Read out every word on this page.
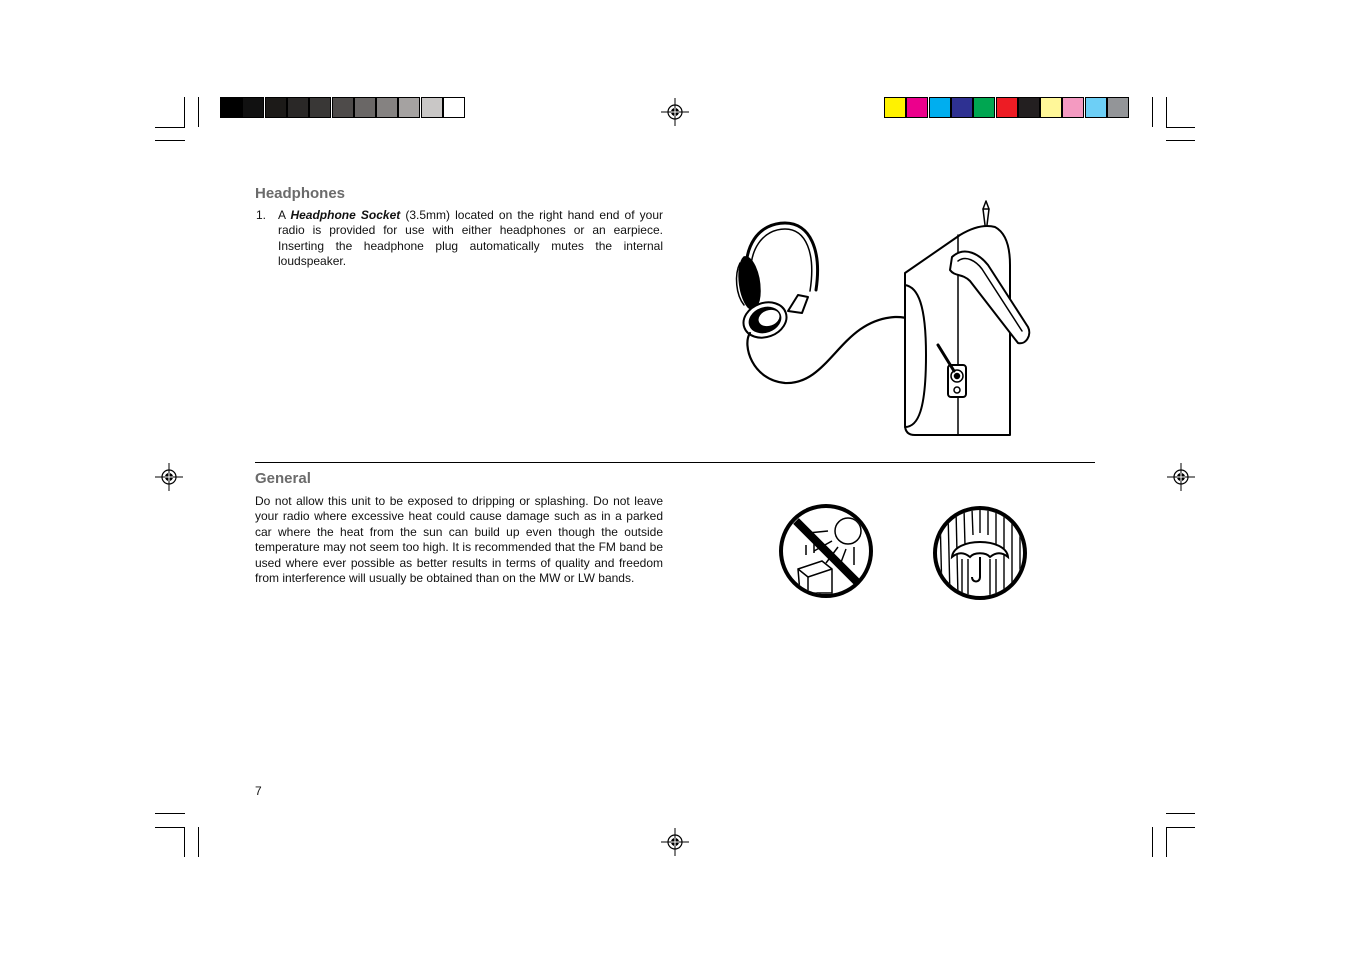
Headphones
1. A Headphone Socket (3.5mm) located on the right hand end of your radio is provided for use with either headphones or an earpiece. Inserting the headphone plug automatically mutes the internal loudspeaker.

General

Do not allow this unit to be exposed to dripping or splashing. Do not leave your radio where excessive heat could cause damage such as in a parked car where the heat from the sun can build up even though the outside temperature may not seem too high. It is recommended that the FM band be used where ever possible as better results in terms of quality and freedom from interference will usually be obtained than on the MW or LW bands.

7
